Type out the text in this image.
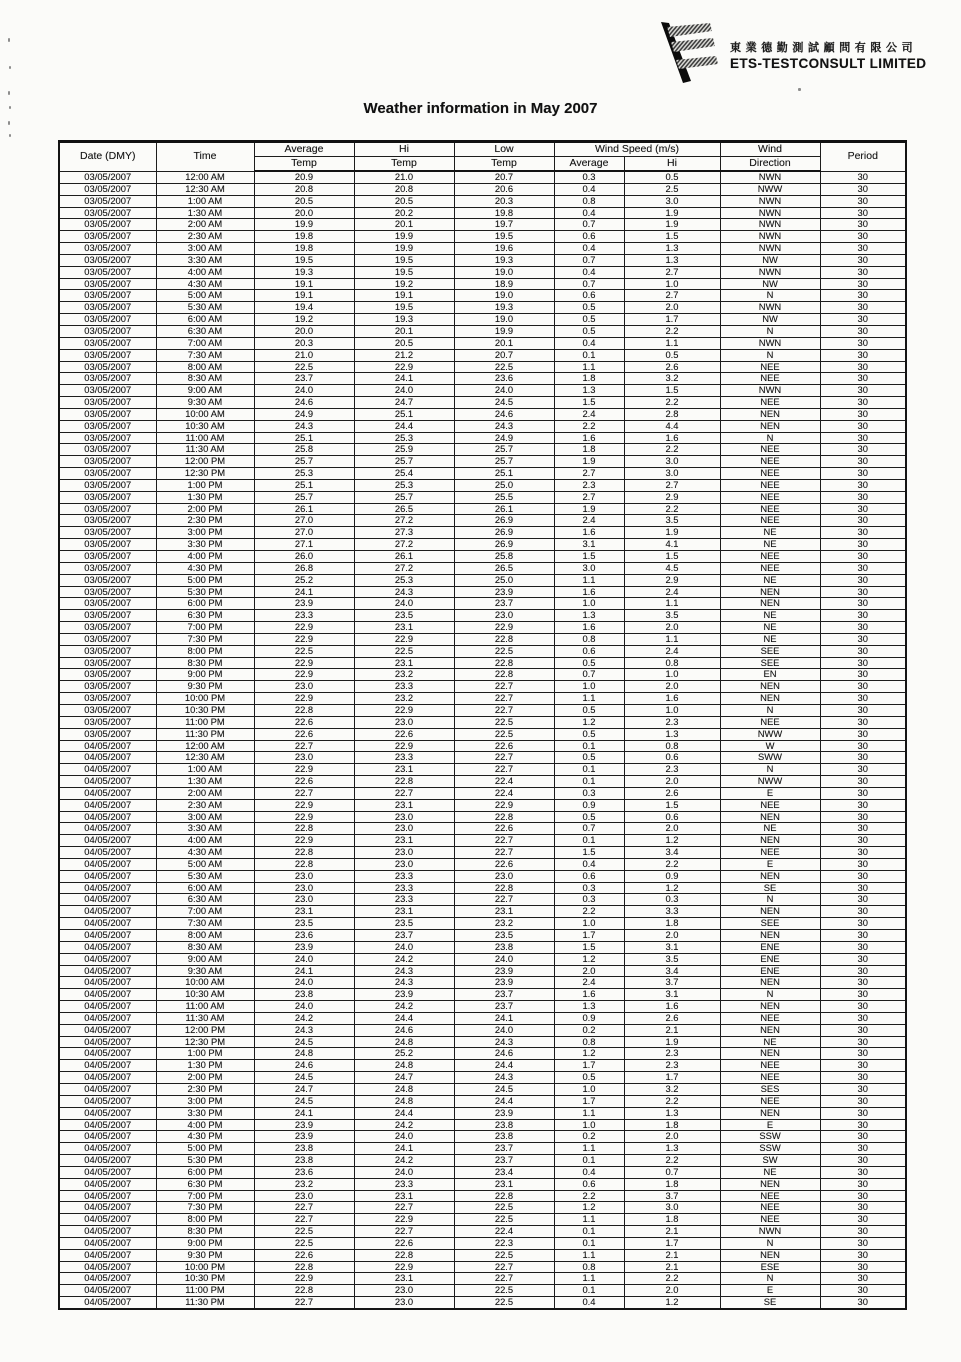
東業德勤測試顧問有限公司
ETS-TESTCONSULT LIMITED
Weather information in May 2007
Date (DMY)	Time	Average	Hi	Low	Wind Speed (m/s)		Wind	Period
		Temp	Temp	Temp	Average	Hi	Direction	
03/05/2007	12:00 AM	20.9	21.0	20.7	0.3	0.5	NWN	30
03/05/2007	12:30 AM	20.8	20.8	20.6	0.4	2.5	NWW	30
03/05/2007	1:00 AM	20.5	20.5	20.3	0.8	3.0	NWN	30
03/05/2007	1:30 AM	20.0	20.2	19.8	0.4	1.9	NWN	30
03/05/2007	2:00 AM	19.9	20.1	19.7	0.7	1.9	NWN	30
03/05/2007	2:30 AM	19.8	19.9	19.5	0.6	1.5	NWN	30
03/05/2007	3:00 AM	19.8	19.9	19.6	0.4	1.3	NWN	30
03/05/2007	3:30 AM	19.5	19.5	19.3	0.7	1.3	NW	30
03/05/2007	4:00 AM	19.3	19.5	19.0	0.4	2.7	NWN	30
03/05/2007	4:30 AM	19.1	19.2	18.9	0.7	1.0	NW	30
03/05/2007	5:00 AM	19.1	19.1	19.0	0.6	2.7	N	30
03/05/2007	5:30 AM	19.4	19.5	19.3	0.5	2.0	NWN	30
03/05/2007	6:00 AM	19.2	19.3	19.0	0.5	1.7	NW	30
03/05/2007	6:30 AM	20.0	20.1	19.9	0.5	2.2	N	30
03/05/2007	7:00 AM	20.3	20.5	20.1	0.4	1.1	NWN	30
03/05/2007	7:30 AM	21.0	21.2	20.7	0.1	0.5	N	30
03/05/2007	8:00 AM	22.5	22.9	22.5	1.1	2.6	NEE	30
03/05/2007	8:30 AM	23.7	24.1	23.6	1.8	3.2	NEE	30
03/05/2007	9:00 AM	24.0	24.0	24.0	1.3	1.5	NWN	30
03/05/2007	9:30 AM	24.6	24.7	24.5	1.5	2.2	NEE	30
03/05/2007	10:00 AM	24.9	25.1	24.6	2.4	2.8	NEN	30
03/05/2007	10:30 AM	24.3	24.4	24.3	2.2	4.4	NEN	30
03/05/2007	11:00 AM	25.1	25.3	24.9	1.6	1.6	N	30
03/05/2007	11:30 AM	25.8	25.9	25.7	1.8	2.2	NEE	30
03/05/2007	12:00 PM	25.7	25.7	25.7	1.9	3.0	NEE	30
03/05/2007	12:30 PM	25.3	25.4	25.1	2.7	3.0	NEE	30
03/05/2007	1:00 PM	25.1	25.3	25.0	2.3	2.7	NEE	30
03/05/2007	1:30 PM	25.7	25.7	25.5	2.7	2.9	NEE	30
03/05/2007	2:00 PM	26.1	26.5	26.1	1.9	2.2	NEE	30
03/05/2007	2:30 PM	27.0	27.2	26.9	2.4	3.5	NEE	30
03/05/2007	3:00 PM	27.0	27.3	26.9	1.6	1.9	NE	30
03/05/2007	3:30 PM	27.1	27.2	26.9	3.1	4.1	NE	30
03/05/2007	4:00 PM	26.0	26.1	25.8	1.5	1.5	NEE	30
03/05/2007	4:30 PM	26.8	27.2	26.5	3.0	4.5	NEE	30
03/05/2007	5:00 PM	25.2	25.3	25.0	1.1	2.9	NE	30
03/05/2007	5:30 PM	24.1	24.3	23.9	1.6	2.4	NEN	30
03/05/2007	6:00 PM	23.9	24.0	23.7	1.0	1.1	NEN	30
03/05/2007	6:30 PM	23.3	23.5	23.0	1.3	3.5	NE	30
03/05/2007	7:00 PM	22.9	23.1	22.9	1.6	2.0	NE	30
03/05/2007	7:30 PM	22.9	22.9	22.8	0.8	1.1	NE	30
03/05/2007	8:00 PM	22.5	22.5	22.5	0.6	2.4	SEE	30
03/05/2007	8:30 PM	22.9	23.1	22.8	0.5	0.8	SEE	30
03/05/2007	9:00 PM	22.9	23.2	22.8	0.7	1.0	EN	30
03/05/2007	9:30 PM	23.0	23.3	22.7	1.0	2.0	NEN	30
03/05/2007	10:00 PM	22.9	23.2	22.7	1.1	1.6	NEN	30
03/05/2007	10:30 PM	22.8	22.9	22.7	0.5	1.0	N	30
03/05/2007	11:00 PM	22.6	23.0	22.5	1.2	2.3	NEE	30
03/05/2007	11:30 PM	22.6	22.6	22.5	0.5	1.3	NWW	30
04/05/2007	12:00 AM	22.7	22.9	22.6	0.1	0.8	W	30
04/05/2007	12:30 AM	23.0	23.3	22.7	0.5	0.6	SWW	30
04/05/2007	1:00 AM	22.9	23.1	22.7	0.1	2.3	N	30
04/05/2007	1:30 AM	22.6	22.8	22.4	0.1	2.0	NWW	30
04/05/2007	2:00 AM	22.7	22.7	22.4	0.3	2.6	E	30
04/05/2007	2:30 AM	22.9	23.1	22.9	0.9	1.5	NEE	30
04/05/2007	3:00 AM	22.9	23.0	22.8	0.5	0.6	NEN	30
04/05/2007	3:30 AM	22.8	23.0	22.6	0.7	2.0	NE	30
04/05/2007	4:00 AM	22.9	23.1	22.7	0.1	1.2	NEN	30
04/05/2007	4:30 AM	22.8	23.0	22.7	1.5	3.4	NEE	30
04/05/2007	5:00 AM	22.8	23.0	22.6	0.4	2.2	E	30
04/05/2007	5:30 AM	23.0	23.3	23.0	0.6	0.9	NEN	30
04/05/2007	6:00 AM	23.0	23.3	22.8	0.3	1.2	SE	30
04/05/2007	6:30 AM	23.0	23.3	22.7	0.3	0.3	N	30
04/05/2007	7:00 AM	23.1	23.1	23.1	2.2	3.3	NEN	30
04/05/2007	7:30 AM	23.5	23.5	23.2	1.0	1.8	SEE	30
04/05/2007	8:00 AM	23.6	23.7	23.5	1.7	2.0	NEN	30
04/05/2007	8:30 AM	23.9	24.0	23.8	1.5	3.1	ENE	30
04/05/2007	9:00 AM	24.0	24.2	24.0	1.2	3.5	ENE	30
04/05/2007	9:30 AM	24.1	24.3	23.9	2.0	3.4	ENE	30
04/05/2007	10:00 AM	24.0	24.3	23.9	2.4	3.7	NEN	30
04/05/2007	10:30 AM	23.8	23.9	23.7	1.6	3.1	N	30
04/05/2007	11:00 AM	24.0	24.2	23.7	1.3	1.6	NEN	30
04/05/2007	11:30 AM	24.2	24.4	24.1	0.9	2.6	NEE	30
04/05/2007	12:00 PM	24.3	24.6	24.0	0.2	2.1	NEN	30
04/05/2007	12:30 PM	24.5	24.8	24.3	0.8	1.9	NE	30
04/05/2007	1:00 PM	24.8	25.2	24.6	1.2	2.3	NEN	30
04/05/2007	1:30 PM	24.6	24.8	24.4	1.7	2.3	NEE	30
04/05/2007	2:00 PM	24.5	24.7	24.3	0.5	1.7	NEE	30
04/05/2007	2:30 PM	24.7	24.8	24.5	1.0	3.2	SES	30
04/05/2007	3:00 PM	24.5	24.8	24.4	1.7	2.2	NEE	30
04/05/2007	3:30 PM	24.1	24.4	23.9	1.1	1.3	NEN	30
04/05/2007	4:00 PM	23.9	24.2	23.8	1.0	1.8	E	30
04/05/2007	4:30 PM	23.9	24.0	23.8	0.2	2.0	SSW	30
04/05/2007	5:00 PM	23.8	24.1	23.7	1.1	1.3	SSW	30
04/05/2007	5:30 PM	23.8	24.2	23.7	0.1	2.2	SW	30
04/05/2007	6:00 PM	23.6	24.0	23.4	0.4	0.7	NE	30
04/05/2007	6:30 PM	23.2	23.3	23.1	0.6	1.8	NEN	30
04/05/2007	7:00 PM	23.0	23.1	22.8	2.2	3.7	NEE	30
04/05/2007	7:30 PM	22.7	22.7	22.5	1.2	3.0	NEE	30
04/05/2007	8:00 PM	22.7	22.9	22.5	1.1	1.8	NEE	30
04/05/2007	8:30 PM	22.5	22.7	22.4	0.1	2.1	NWN	30
04/05/2007	9:00 PM	22.5	22.6	22.3	0.1	1.7	N	30
04/05/2007	9:30 PM	22.6	22.8	22.5	1.1	2.1	NEN	30
04/05/2007	10:00 PM	22.8	22.9	22.7	0.8	2.1	ESE	30
04/05/2007	10:30 PM	22.9	23.1	22.7	1.1	2.2	N	30
04/05/2007	11:00 PM	22.8	23.0	22.5	0.1	2.0	E	30
04/05/2007	11:30 PM	22.7	23.0	22.5	0.4	1.2	SE	30
